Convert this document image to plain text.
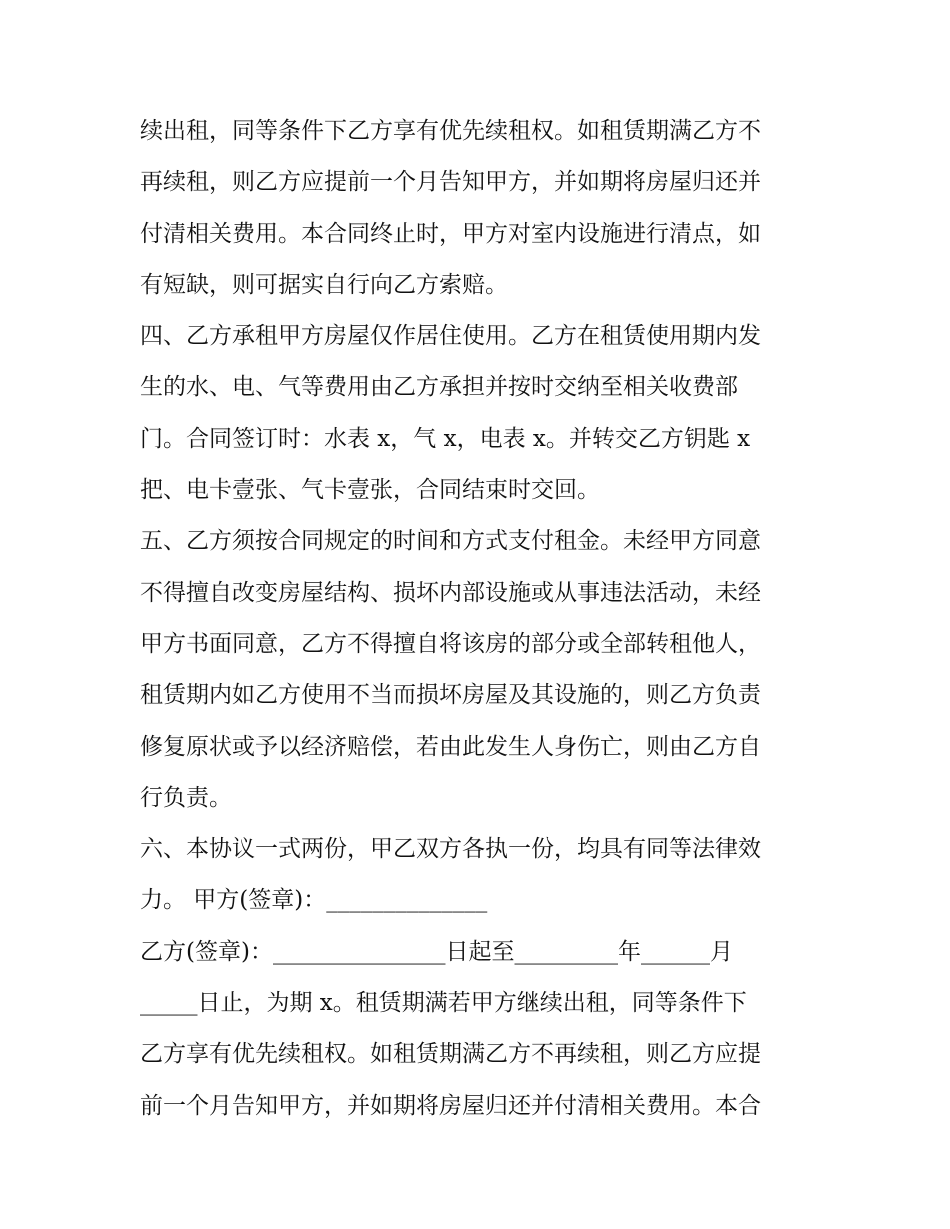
续出租，同等条件下乙方享有优先续租权。如租赁期满乙方不
再续租，则乙方应提前一个月告知甲方，并如期将房屋归还并
付清相关费用。本合同终止时，甲方对室内设施进行清点，如
有短缺，则可据实自行向乙方索赔。
四、乙方承租甲方房屋仅作居住使用。乙方在租赁使用期内发
生的水、电、气等费用由乙方承担并按时交纳至相关收费部
门。合同签订时：水表 x，气 x，电表 x。并转交乙方钥匙 x
把、电卡壹张、气卡壹张，合同结束时交回。
五、乙方须按合同规定的时间和方式支付租金。未经甲方同意
不得擅自改变房屋结构、损坏内部设施或从事违法活动，未经
甲方书面同意，乙方不得擅自将该房的部分或全部转租他人，
租赁期内如乙方使用不当而损坏房屋及其设施的，则乙方负责
修复原状或予以经济赔偿，若由此发生人身伤亡，则由乙方自
行负责。
六、本协议一式两份，甲乙双方各执一份，均具有同等法律效
力。 甲方(签章)：______________
乙方(签章)：_______________日起至_________年______月
_____日止，为期 x。租赁期满若甲方继续出租，同等条件下
乙方享有优先续租权。如租赁期满乙方不再续租，则乙方应提
前一个月告知甲方，并如期将房屋归还并付清相关费用。本合
